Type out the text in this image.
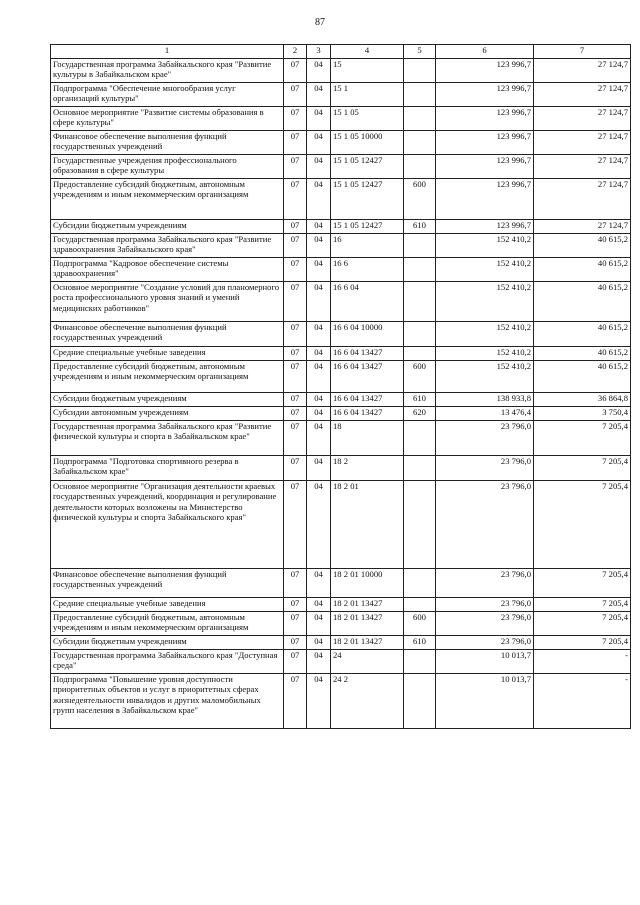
87
1	2	3	4	5	6	7
Государственная программа Забайкальского края "Развитие культуры в Забайкальском крае"	07	04	15		123 996,7	27 124,7
Подпрограмма "Обеспечение многообразия услуг организаций культуры"	07	04	15 1		123 996,7	27 124,7
Основное мероприятие "Развитие системы образования в сфере культуры"	07	04	15 1 05		123 996,7	27 124,7
Финансовое обеспечение выполнения функций государственных учреждений	07	04	15 1 05 10000		123 996,7	27 124,7
Государственные учреждения профессионального образования в сфере культуры	07	04	15 1 05 12427		123 996,7	27 124,7
Предоставление субсидий бюджетным, автономным учреждениям и иным некоммерческим организациям	07	04	15 1 05 12427	600	123 996,7	27 124,7
Субсидии бюджетным учреждениям	07	04	15 1 05 12427	610	123 996,7	27 124,7
Государственная программа Забайкальского края "Развитие здравоохранения Забайкальского края"	07	04	16		152 410,2	40 615,2
Подпрограмма "Кадровое обеспечение системы здравоохранения"	07	04	16 6		152 410,2	40 615,2
Основное мероприятие "Создание условий для планомерного роста профессионального уровня знаний и умений медицинских работников"	07	04	16 6 04		152 410,2	40 615,2
Финансовое обеспечение выполнения функций государственных учреждений	07	04	16 6 04 10000		152 410,2	40 615,2
Средние специальные учебные заведения	07	04	16 6 04 13427		152 410,2	40 615,2
Предоставление субсидий бюджетным, автономным учреждениям и иным некоммерческим организациям	07	04	16 6 04 13427	600	152 410,2	40 615,2
Субсидии бюджетным учреждениям	07	04	16 6 04 13427	610	138 933,8	36 864,8
Субсидии автономным учреждениям	07	04	16 6 04 13427	620	13 476,4	3 750,4
Государственная программа Забайкальского края "Развитие физической культуры и спорта в Забайкальском крае"	07	04	18		23 796,0	7 205,4
Подпрограмма "Подготовка спортивного резерва в Забайкальском крае"	07	04	18 2		23 796,0	7 205,4
Основное мероприятие "Организация деятельности краевых государственных учреждений, координация и регулирование деятельности которых возложены на Министерство физической культуры и спорта Забайкальского края"	07	04	18 2 01		23 796,0	7 205,4
Финансовое обеспечение выполнения функций государственных учреждений	07	04	18 2 01 10000		23 796,0	7 205,4
Средние специальные учебные заведения	07	04	18 2 01 13427		23 796,0	7 205,4
Предоставление субсидий бюджетным, автономным учреждениям и иным некоммерческим организациям	07	04	18 2 01 13427	600	23 796,0	7 205,4
Субсидии бюджетным учреждениям	07	04	18 2 01 13427	610	23 796,0	7 205,4
Государственная программа Забайкальского края "Доступная среда"	07	04	24		10 013,7	-
Подпрограмма "Повышение уровня доступности приоритетных объектов и услуг в приоритетных сферах жизнедеятельности инвалидов и других маломобильных групп населения в Забайкальском крае"	07	04	24 2		10 013,7	-
